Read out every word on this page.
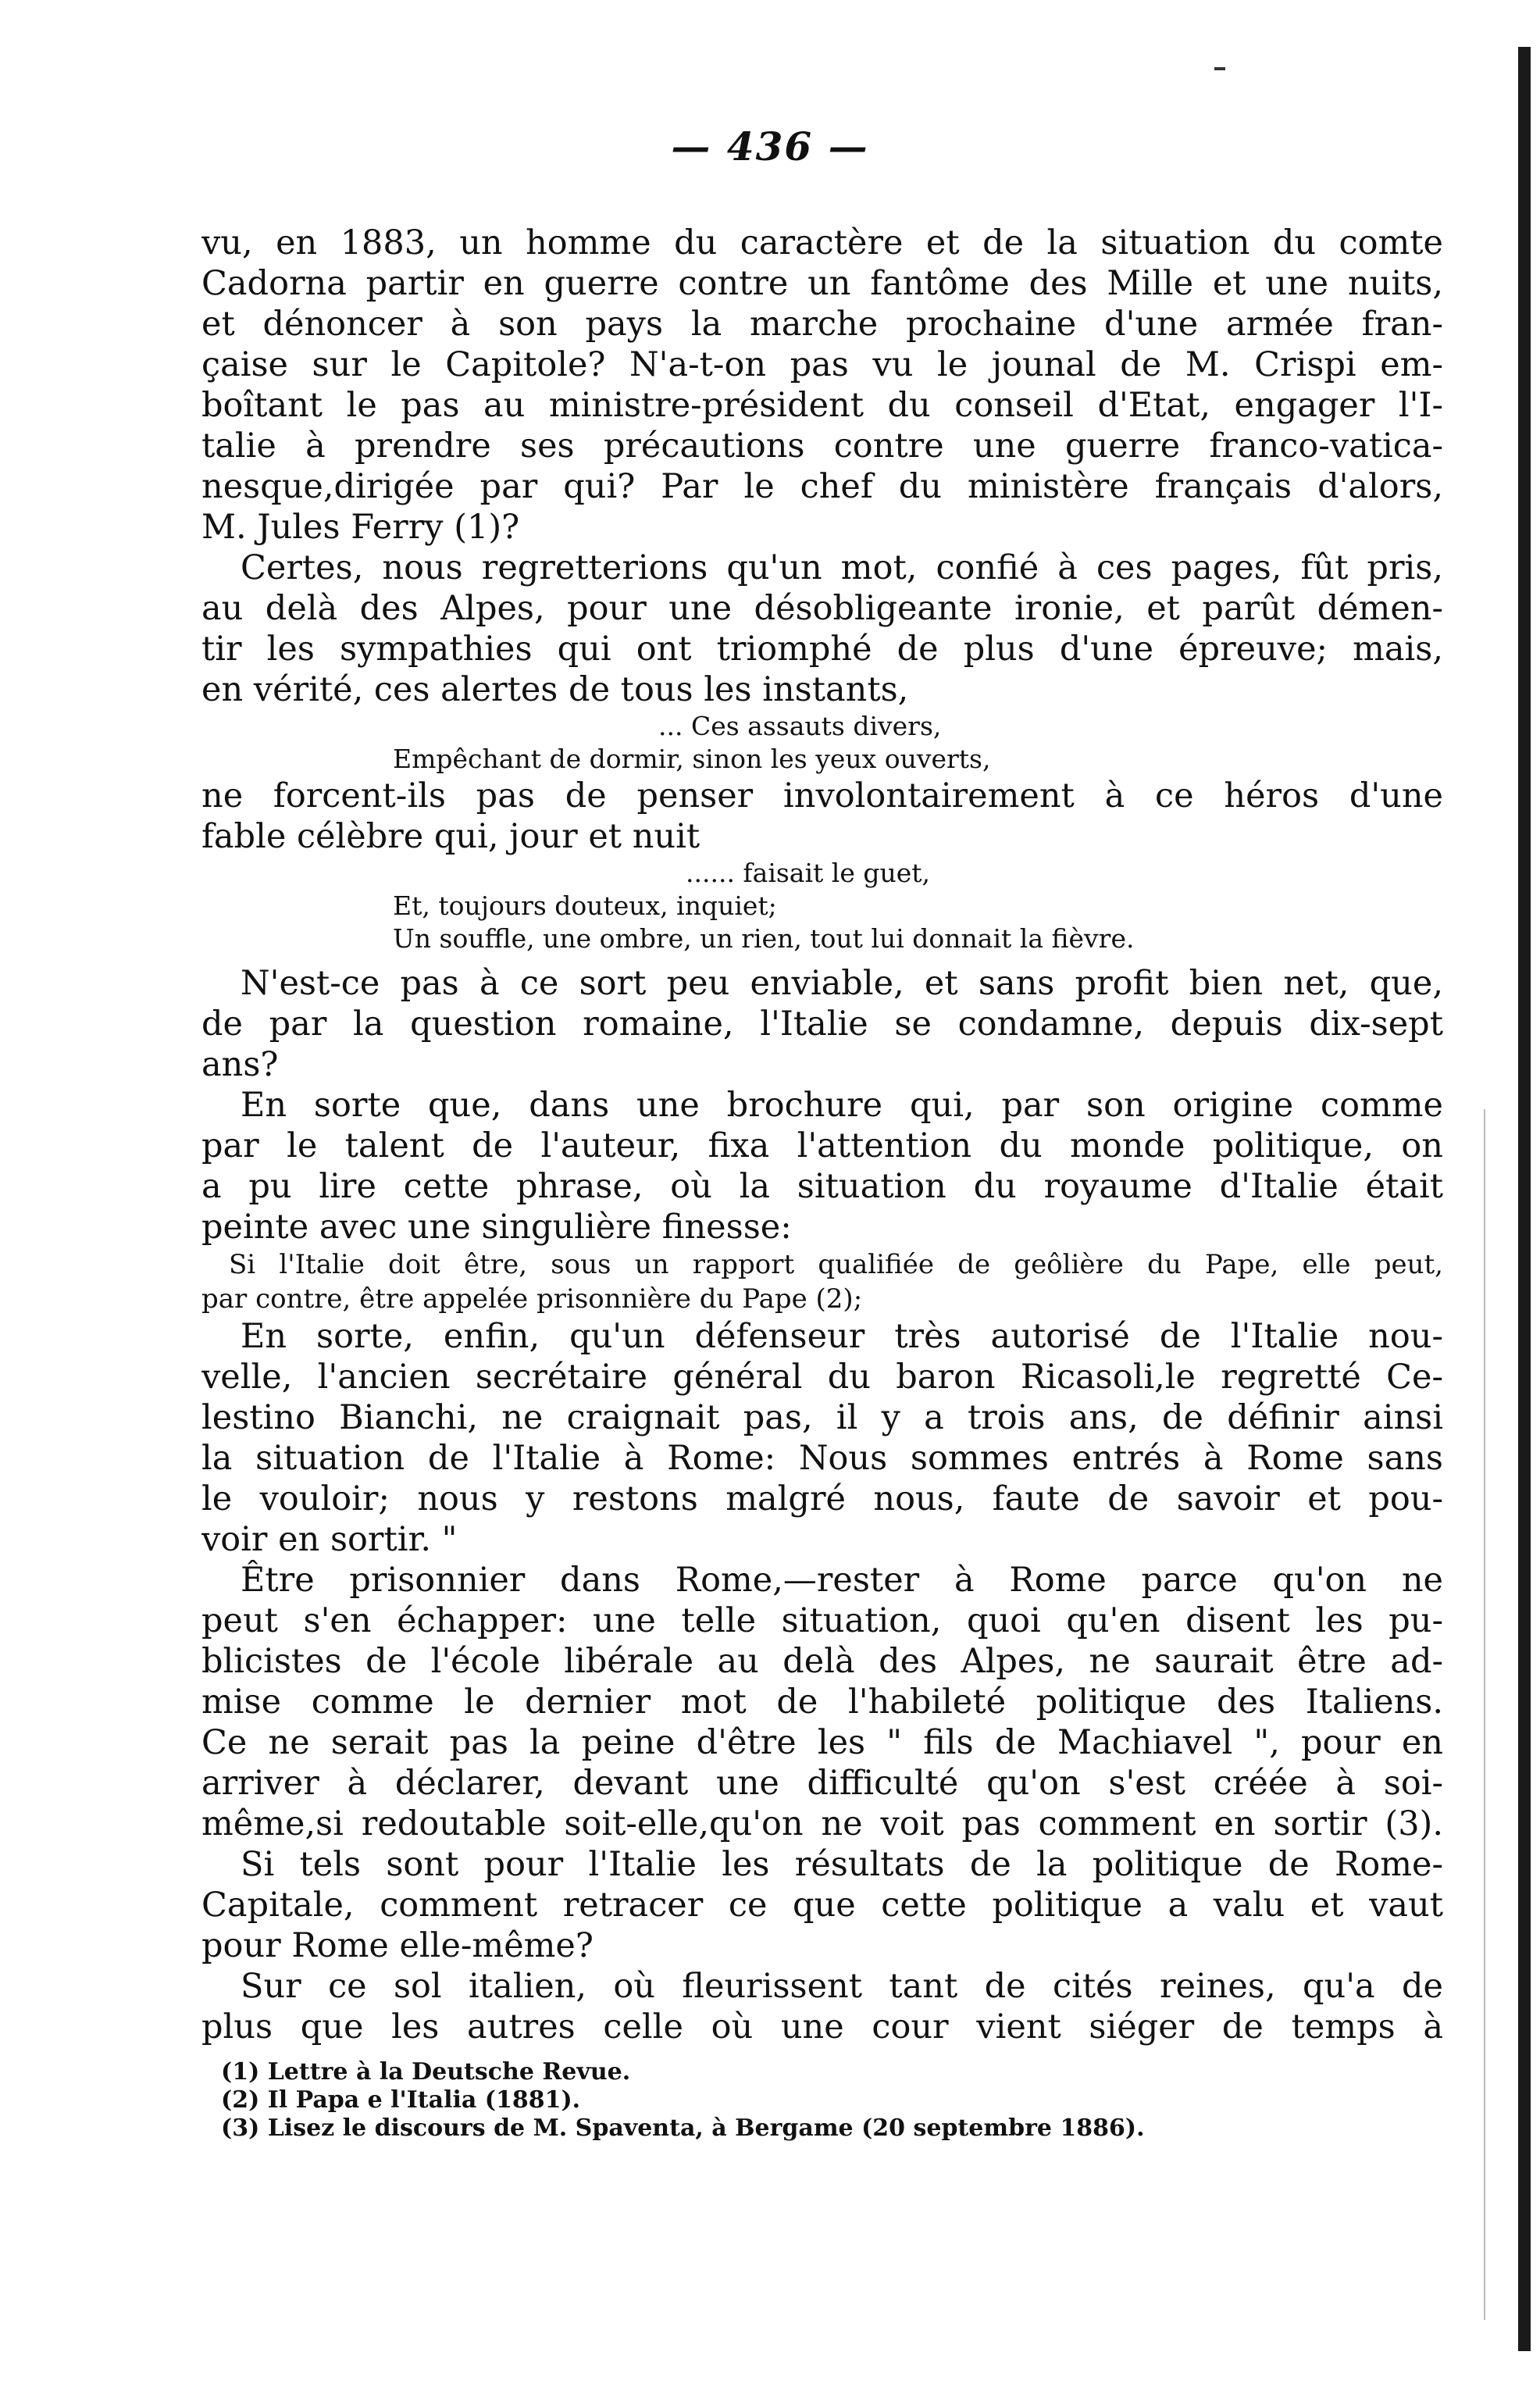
— 436 —
vu, en 1883, un homme du caractère et de la situation du comte
Cadorna partir en guerre contre un fantôme des Mille et une nuits,
et dénoncer à son pays la marche prochaine d'une armée fran-
çaise sur le Capitole? N'a-t-on pas vu le jounal de M. Crispi em-
boîtant le pas au ministre-président du conseil d'Etat, engager l'I-
talie à prendre ses précautions contre une guerre franco-vatica-
nesque,dirigée par qui? Par le chef du ministère français d'alors,
M. Jules Ferry (1)?
Certes, nous regretterions qu'un mot, confié à ces pages, fût pris,
au delà des Alpes, pour une désobligeante ironie, et parût démen-
tir les sympathies qui ont triomphé de plus d'une épreuve; mais,
en vérité, ces alertes de tous les instants,
... Ces assauts divers,
Empêchant de dormir, sinon les yeux ouverts,
ne forcent-ils pas de penser involontairement à ce héros d'une
fable célèbre qui, jour et nuit
...... faisait le guet,
Et, toujours douteux, inquiet;
Un souffle, une ombre, un rien, tout lui donnait la fièvre.
N'est-ce pas à ce sort peu enviable, et sans profit bien net, que,
de par la question romaine, l'Italie se condamne, depuis dix-sept
ans?
En sorte que, dans une brochure qui, par son origine comme
par le talent de l'auteur, fixa l'attention du monde politique, on
a pu lire cette phrase, où la situation du royaume d'Italie était
peinte avec une singulière finesse:
Si l'Italie doit être, sous un rapport qualifiée de geôlière du Pape, elle peut,
par contre, être appelée prisonnière du Pape (2);
En sorte, enfin, qu'un défenseur très autorisé de l'Italie nou-
velle, l'ancien secrétaire général du baron Ricasoli,le regretté Ce-
lestino Bianchi, ne craignait pas, il y a trois ans, de définir ainsi
la situation de l'Italie à Rome: Nous sommes entrés à Rome sans
le vouloir; nous y restons malgré nous, faute de savoir et pou-
voir en sortir. "
Être prisonnier dans Rome,—rester à Rome parce qu'on ne
peut s'en échapper: une telle situation, quoi qu'en disent les pu-
blicistes de l'école libérale au delà des Alpes, ne saurait être ad-
mise comme le dernier mot de l'habileté politique des Italiens.
Ce ne serait pas la peine d'être les " fils de Machiavel ", pour en
arriver à déclarer, devant une difficulté qu'on s'est créée à soi-
même,si redoutable soit-elle,qu'on ne voit pas comment en sortir (3).
Si tels sont pour l'Italie les résultats de la politique de Rome-
Capitale, comment retracer ce que cette politique a valu et vaut
pour Rome elle-même?
Sur ce sol italien, où fleurissent tant de cités reines, qu'a de
plus que les autres celle où une cour vient siéger de temps à
(1) Lettre à la Deutsche Revue.
(2) Il Papa e l'Italia (1881).
(3) Lisez le discours de M. Spaventa, à Bergame (20 septembre 1886).
